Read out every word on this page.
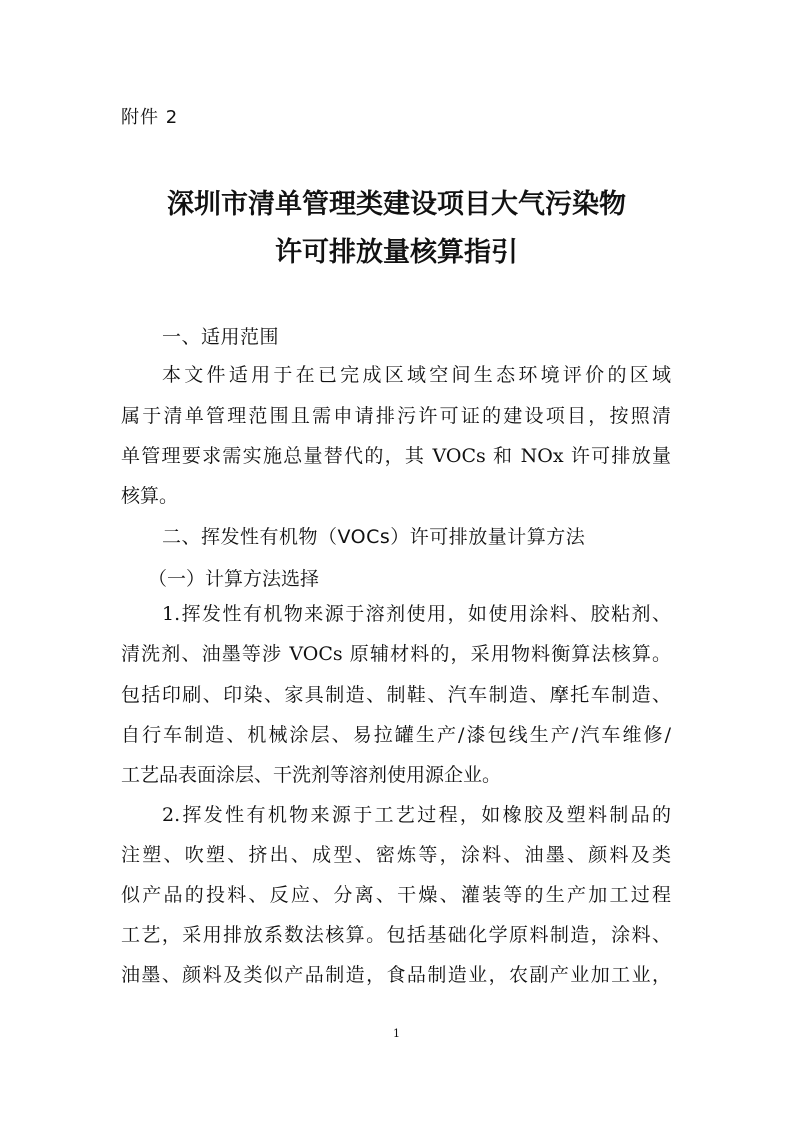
附件 2
深圳市清单管理类建设项目大气污染物
许可排放量核算指引
一、适用范围
本文件适用于在已完成区域空间生态环境评价的区域
属于清单管理范围且需申请排污许可证的建设项目，按照清
单管理要求需实施总量替代的，其 VOCs 和 NOx 许可排放量
核算。
二、挥发性有机物（VOCs）许可排放量计算方法
（一）计算方法选择
1.挥发性有机物来源于溶剂使用，如使用涂料、胶粘剂、
清洗剂、油墨等涉 VOCs 原辅材料的，采用物料衡算法核算。
包括印刷、印染、家具制造、制鞋、汽车制造、摩托车制造、
自行车制造、机械涂层、易拉罐生产/漆包线生产/汽车维修/
工艺品表面涂层、干洗剂等溶剂使用源企业。
2.挥发性有机物来源于工艺过程，如橡胶及塑料制品的
注塑、吹塑、挤出、成型、密炼等，涂料、油墨、颜料及类
似产品的投料、反应、分离、干燥、灌装等的生产加工过程
工艺，采用排放系数法核算。包括基础化学原料制造，涂料、
油墨、颜料及类似产品制造，食品制造业，农副产业加工业，
1
